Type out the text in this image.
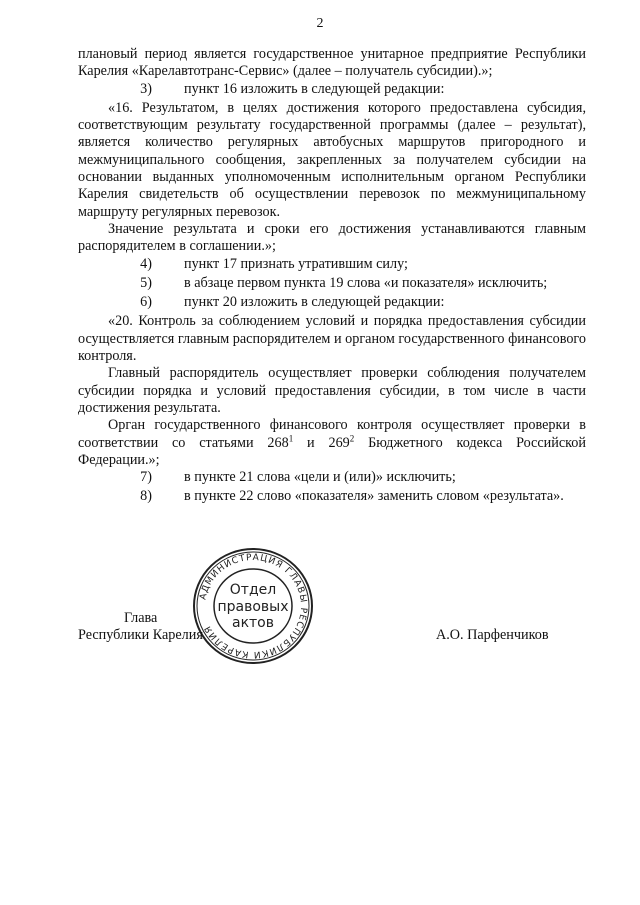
2

плановый период является государственное унитарное предприятие Республики Карелия «Карелавтотранс-Сервис» (далее – получатель субсидии).»;

3)	пункт 16 изложить в следующей редакции:

«16. Результатом, в целях достижения которого предоставлена субсидия, соответствующим результату государственной программы (далее – результат), является количество регулярных автобусных маршрутов пригородного и межмуниципального сообщения, закрепленных за получателем субсидии на основании выданных уполномоченным исполнительным органом Республики Карелия свидетельств об осуществлении перевозок по межмуниципальному маршруту регулярных перевозок.

Значение результата и сроки его достижения устанавливаются главным распорядителем в соглашении.»;

4)	пункт 17 признать утратившим силу;
5)	в абзаце первом пункта 19 слова «и показателя» исключить;
6)	пункт 20 изложить в следующей редакции:

«20. Контроль за соблюдением условий и порядка предоставления субсидии осуществляется главным распорядителем и органом государственного финансового контроля.

Главный распорядитель осуществляет проверки соблюдения получателем субсидии порядка и условий предоставления субсидии, в том числе в части достижения результата.

Орган государственного финансового контроля осуществляет проверки в соответствии со статьями $268^1$ и $269^2$ Бюджетного кодекса Российской Федерации.»;

7)	в пункте 21 слова «цели и (или)» исключить;
8)	в пункте 22 слово «показателя» заменить словом «результата».
АДМИНИСТРАЦИЯ ГЛАВЫ РЕСПУБЛИКИ КАРЕЛИЯ
Отдел
правовых
актов
Глава
Республики Карелия	А.О. Парфенчиков
